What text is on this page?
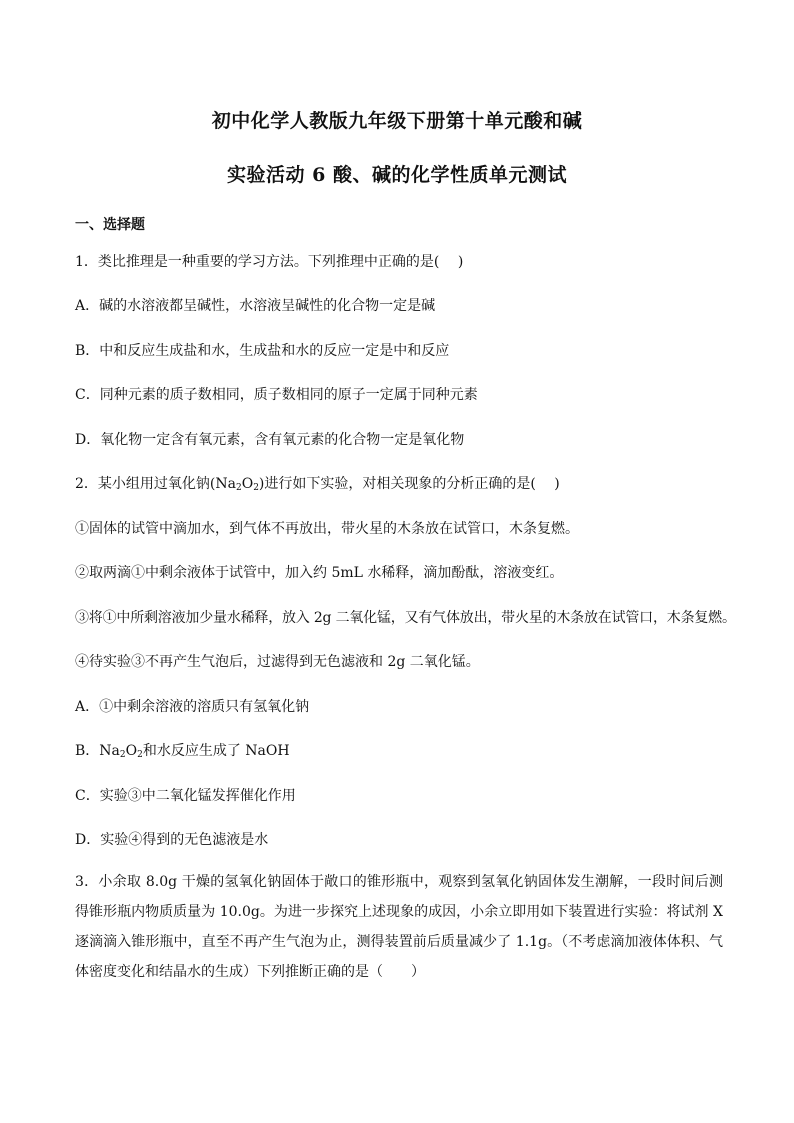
初中化学人教版九年级下册第十单元酸和碱
实验活动 6 酸、碱的化学性质单元测试
一、选择题
1．类比推理是一种重要的学习方法。下列推理中正确的是(　 )
A．碱的水溶液都呈碱性，水溶液呈碱性的化合物一定是碱
B．中和反应生成盐和水，生成盐和水的反应一定是中和反应
C．同种元素的质子数相同，质子数相同的原子一定属于同种元素
D．氧化物一定含有氧元素，含有氧元素的化合物一定是氧化物
2．某小组用过氧化钠$(Na_2O_2)$进行如下实验，对相关现象的分析正确的是(　 )
①固体的试管中滴加水，到气体不再放出，带火星的木条放在试管口，木条复燃。
②取两滴①中剩余液体于试管中，加入约 5mL 水稀释，滴加酚酞，溶液变红。
③将①中所剩溶液加少量水稀释，放入 2g 二氧化锰，又有气体放出，带火星的木条放在试管口，木条复燃。
④待实验③不再产生气泡后，过滤得到无色滤液和 2g 二氧化锰。
A．①中剩余溶液的溶质只有氢氧化钠
B．$Na_2O_2$和水反应生成了 NaOH
C．实验③中二氧化锰发挥催化作用
D．实验④得到的无色滤液是水
3．小余取 8.0g 干燥的氢氧化钠固体于敞口的锥形瓶中，观察到氢氧化钠固体发生潮解，一段时间后测得锥形瓶内物质质量为 10.0g。为进一步探究上述现象的成因，小余立即用如下装置进行实验：将试剂 X 逐滴滴入锥形瓶中，直至不再产生气泡为止，测得装置前后质量减少了 1.1g。（不考虑滴加液体体积、气体密度变化和结晶水的生成）下列推断正确的是（　　）
